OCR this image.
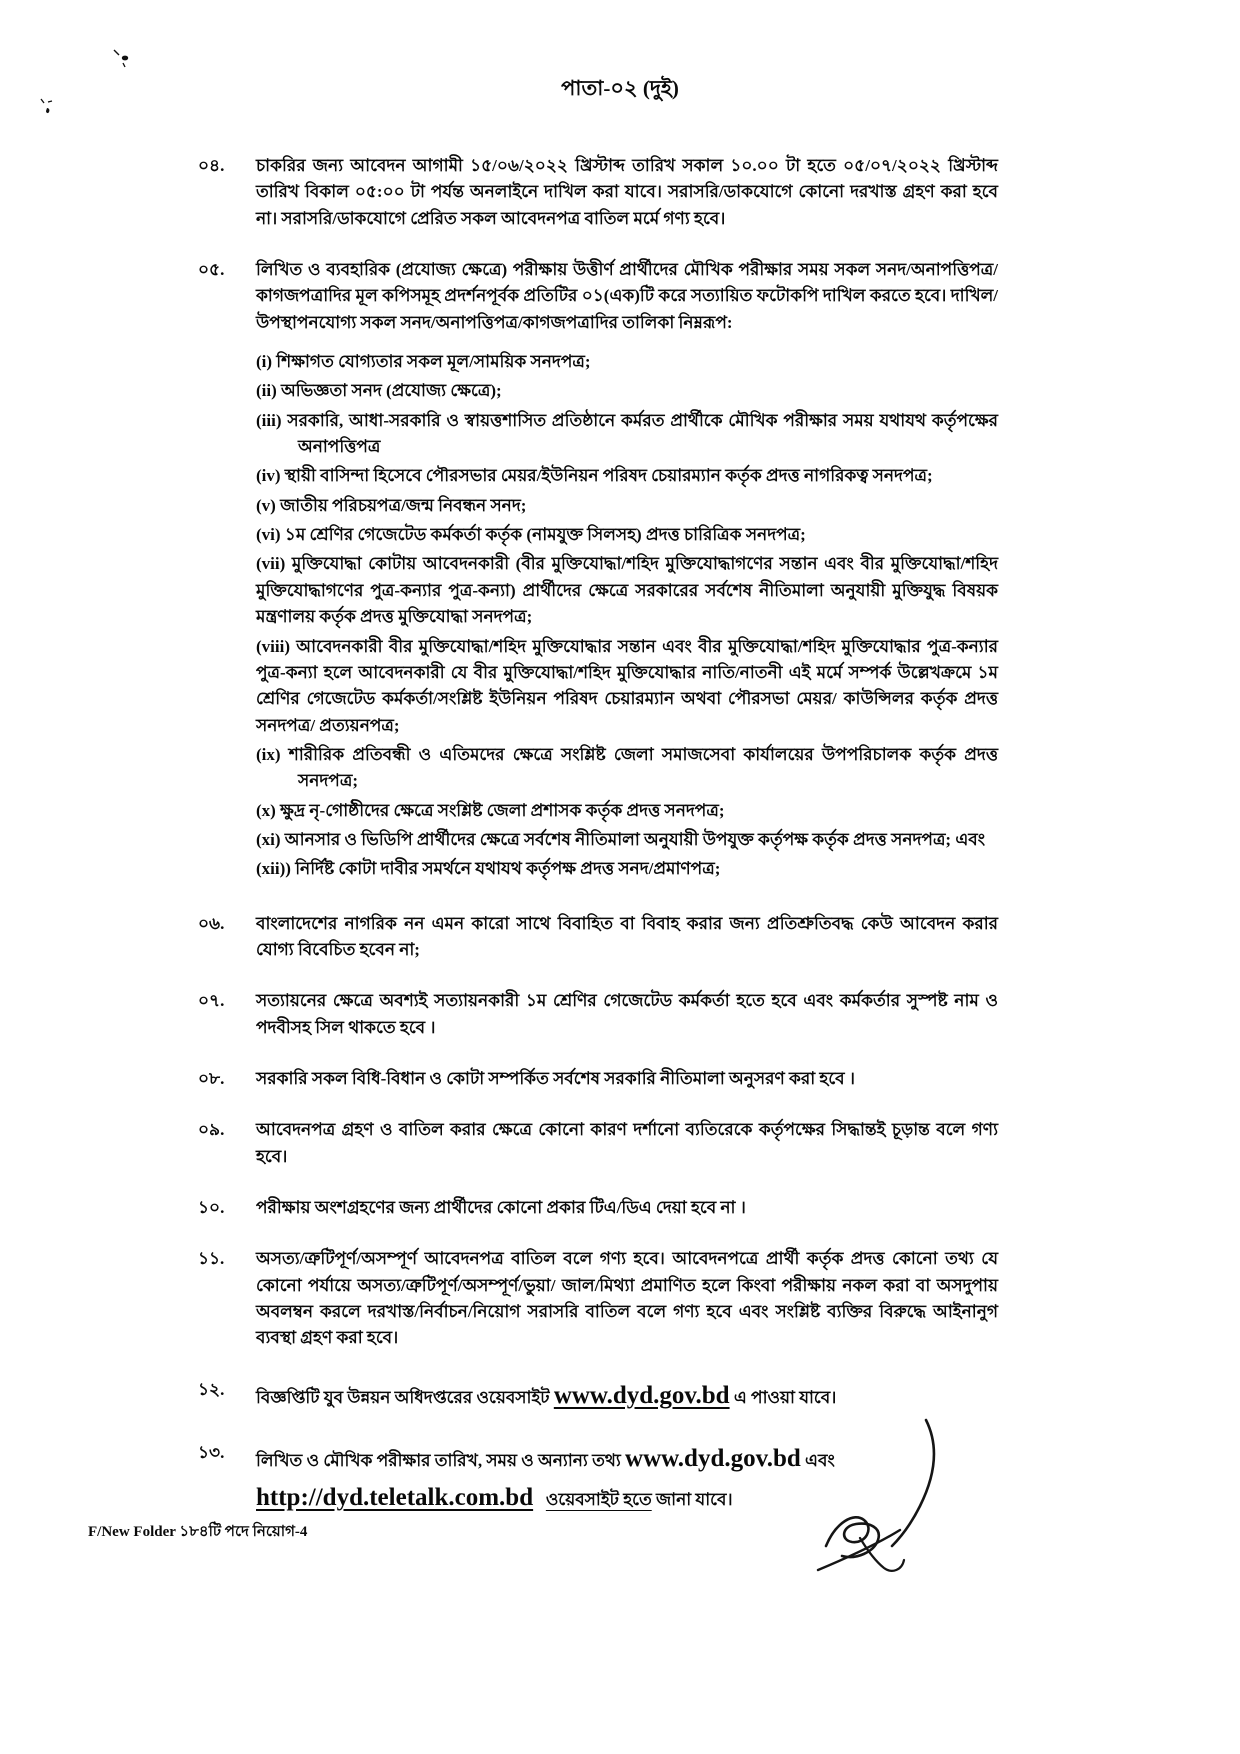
পাতা-০২ (দুই)
০৪.	চাকরির জন্য আবেদন আগামী ১৫/০৬/২০২২ খ্রিস্টাব্দ তারিখ সকাল ১০.০০ টা হতে ০৫/০৭/২০২২ খ্রিস্টাব্দ তারিখ বিকাল ০৫:০০ টা পর্যন্ত অনলাইনে দাখিল করা যাবে। সরাসরি/ডাকযোগে কোনো দরখাস্ত গ্রহণ করা হবে না। সরাসরি/ডাকযোগে প্রেরিত সকল আবেদনপত্র বাতিল মর্মে গণ্য হবে।
০৫.	লিখিত ও ব্যবহারিক (প্রযোজ্য ক্ষেত্রে) পরীক্ষায় উত্তীর্ণ প্রার্থীদের মৌখিক পরীক্ষার সময় সকল সনদ/অনাপত্তিপত্র/ কাগজপত্রাদির মূল কপিসমূহ প্রদর্শনপূর্বক প্রতিটির ০১(এক)টি করে সত্যায়িত ফটোকপি দাখিল করতে হবে। দাখিল/উপস্থাপনযোগ্য সকল সনদ/অনাপত্তিপত্র/কাগজপত্রাদির তালিকা নিম্নরূপ:
(i) শিক্ষাগত যোগ্যতার সকল মূল/সাময়িক সনদপত্র;
(ii) অভিজ্ঞতা সনদ (প্রযোজ্য ক্ষেত্রে);
(iii) সরকারি, আধা-সরকারি ও স্বায়ত্তশাসিত প্রতিষ্ঠানে কর্মরত প্রার্থীকে মৌখিক পরীক্ষার সময় যথাযথ কর্তৃপক্ষের অনাপত্তিপত্র
(iv) স্থায়ী বাসিন্দা হিসেবে পৌরসভার মেয়র/ইউনিয়ন পরিষদ চেয়ারম্যান কর্তৃক প্রদত্ত নাগরিকত্ব সনদপত্র;
(v) জাতীয় পরিচয়পত্র/জন্ম নিবন্ধন সনদ;
(vi) ১ম শ্রেণির গেজেটেড কর্মকর্তা কর্তৃক (নামযুক্ত সিলসহ) প্রদত্ত চারিত্রিক সনদপত্র;
(vii) মুক্তিযোদ্ধা কোটায় আবেদনকারী (বীর মুক্তিযোদ্ধা/শহিদ মুক্তিযোদ্ধাগণের সন্তান এবং বীর মুক্তিযোদ্ধা/শহিদ মুক্তিযোদ্ধাগণের পুত্র-কন্যার পুত্র-কন্যা) প্রার্থীদের ক্ষেত্রে সরকারের সর্বশেষ নীতিমালা অনুযায়ী মুক্তিযুদ্ধ বিষয়ক মন্ত্রণালয় কর্তৃক প্রদত্ত মুক্তিযোদ্ধা সনদপত্র;
(viii) আবেদনকারী বীর মুক্তিযোদ্ধা/শহিদ মুক্তিযোদ্ধার সন্তান এবং বীর মুক্তিযোদ্ধা/শহিদ মুক্তিযোদ্ধার পুত্র-কন্যার পুত্র-কন্যা হলে আবেদনকারী যে বীর মুক্তিযোদ্ধা/শহিদ মুক্তিযোদ্ধার নাতি/নাতনী এই মর্মে সম্পর্ক উল্লেখক্রমে ১ম শ্রেণির গেজেটেড কর্মকর্তা/সংশ্লিষ্ট ইউনিয়ন পরিষদ চেয়ারম্যান অথবা পৌরসভা মেয়র/ কাউন্সিলর কর্তৃক প্রদত্ত সনদপত্র/ প্রত্যয়নপত্র;
(ix) শারীরিক প্রতিবন্ধী ও এতিমদের ক্ষেত্রে সংশ্লিষ্ট জেলা সমাজসেবা কার্যালয়ের উপপরিচালক কর্তৃক প্রদত্ত সনদপত্র;
(x) ক্ষুদ্র নৃ-গোষ্ঠীদের ক্ষেত্রে সংশ্লিষ্ট জেলা প্রশাসক কর্তৃক প্রদত্ত সনদপত্র;
(xi) আনসার ও ভিডিপি প্রার্থীদের ক্ষেত্রে সর্বশেষ নীতিমালা অনুযায়ী উপযুক্ত কর্তৃপক্ষ কর্তৃক প্রদত্ত সনদপত্র; এবং
(xii)) নির্দিষ্ট কোটা দাবীর সমর্থনে যথাযথ কর্তৃপক্ষ প্রদত্ত সনদ/প্রমাণপত্র;
০৬.	বাংলাদেশের নাগরিক নন এমন কারো সাথে বিবাহিত বা বিবাহ করার জন্য প্রতিশ্রুতিবদ্ধ কেউ আবেদন করার যোগ্য বিবেচিত হবেন না;
০৭.	সত্যায়নের ক্ষেত্রে অবশ্যই সত্যায়নকারী ১ম শ্রেণির গেজেটেড কর্মকর্তা হতে হবে এবং কর্মকর্তার সুস্পষ্ট নাম ও পদবীসহ সিল থাকতে হবে ।
০৮.	সরকারি সকল বিধি-বিধান ও কোটা সম্পর্কিত সর্বশেষ সরকারি নীতিমালা অনুসরণ করা হবে ।
০৯.	আবেদনপত্র গ্রহণ ও বাতিল করার ক্ষেত্রে কোনো কারণ দর্শানো ব্যতিরেকে কর্তৃপক্ষের সিদ্ধান্তই চূড়ান্ত বলে গণ্য হবে।
১০.	পরীক্ষায় অংশগ্রহণের জন্য প্রার্থীদের কোনো প্রকার টিএ/ডিএ দেয়া হবে না ।
১১.	অসত্য/ত্রুটিপূর্ণ/অসম্পূর্ণ আবেদনপত্র বাতিল বলে গণ্য হবে। আবেদনপত্রে প্রার্থী কর্তৃক প্রদত্ত কোনো তথ্য যে কোনো পর্যায়ে অসত্য/ত্রুটিপূর্ণ/অসম্পূর্ণ/ভুয়া/ জাল/মিথ্যা প্রমাণিত হলে কিংবা পরীক্ষায় নকল করা বা অসদুপায় অবলম্বন করলে দরখাস্ত/নির্বাচন/নিয়োগ সরাসরি বাতিল বলে গণ্য হবে এবং সংশ্লিষ্ট ব্যক্তির বিরুদ্ধে আইনানুগ ব্যবস্থা গ্রহণ করা হবে।
১২.	বিজ্ঞপ্তিটি যুব উন্নয়ন অধিদপ্তরের ওয়েবসাইট www.dyd.gov.bd এ পাওয়া যাবে।
১৩.	লিখিত ও মৌখিক পরীক্ষার তারিখ, সময় ও অন্যান্য তথ্য www.dyd.gov.bd এবং
http://dyd.teletalk.com.bd ওয়েবসাইট হতে জানা যাবে।
F/New Folder ১৮৪টি পদে নিয়োগ-4
